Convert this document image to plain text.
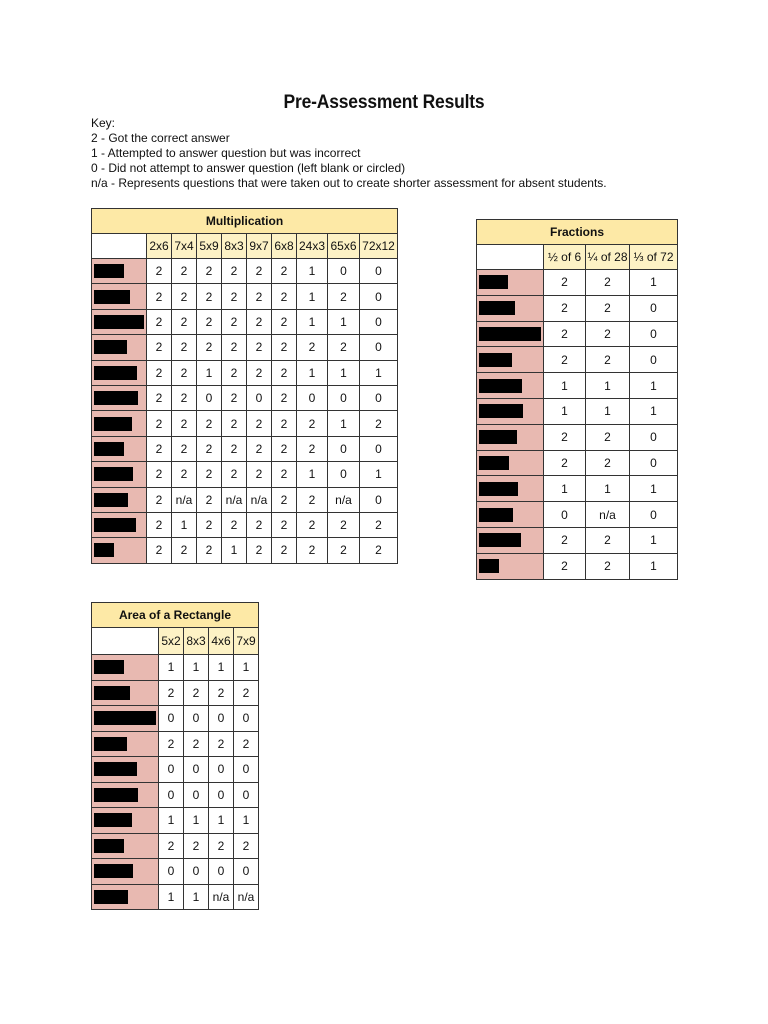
Pre-Assessment Results
Key:
2 - Got the correct answer
1 - Attempted to answer question but was incorrect
0 - Did not attempt to answer question (left blank or circled)
n/a - Represents questions that were taken out to create shorter assessment for absent students.
Multiplication									
	2x6	7x4	5x9	8x3	9x7	6x8	24x3	65x6	72x12

	2	2	2	2	2	2	1	0	0

	2	2	2	2	2	2	1	2	0

	2	2	2	2	2	2	1	1	0

	2	2	2	2	2	2	2	2	0

	2	2	1	2	2	2	1	1	1

	2	2	0	2	0	2	0	0	0

	2	2	2	2	2	2	2	1	2

	2	2	2	2	2	2	2	0	0

	2	2	2	2	2	2	1	0	1

	2	n/a	2	n/a	n/a	2	2	n/a	0

	2	1	2	2	2	2	2	2	2

	2	2	2	1	2	2	2	2	2
Fractions			
	½ of 6	¼ of 28	⅓ of 72

	2	2	1

	2	2	0

	2	2	0

	2	2	0

	1	1	1

	1	1	1

	2	2	0

	2	2	0

	1	1	1

	0	n/a	0

	2	2	1

	2	2	1
Area of a Rectangle				
	5x2	8x3	4x6	7x9

	1	1	1	1

	2	2	2	2

	0	0	0	0

	2	2	2	2

	0	0	0	0

	0	0	0	0

	1	1	1	1

	2	2	2	2

	0	0	0	0

	1	1	n/a	n/a
